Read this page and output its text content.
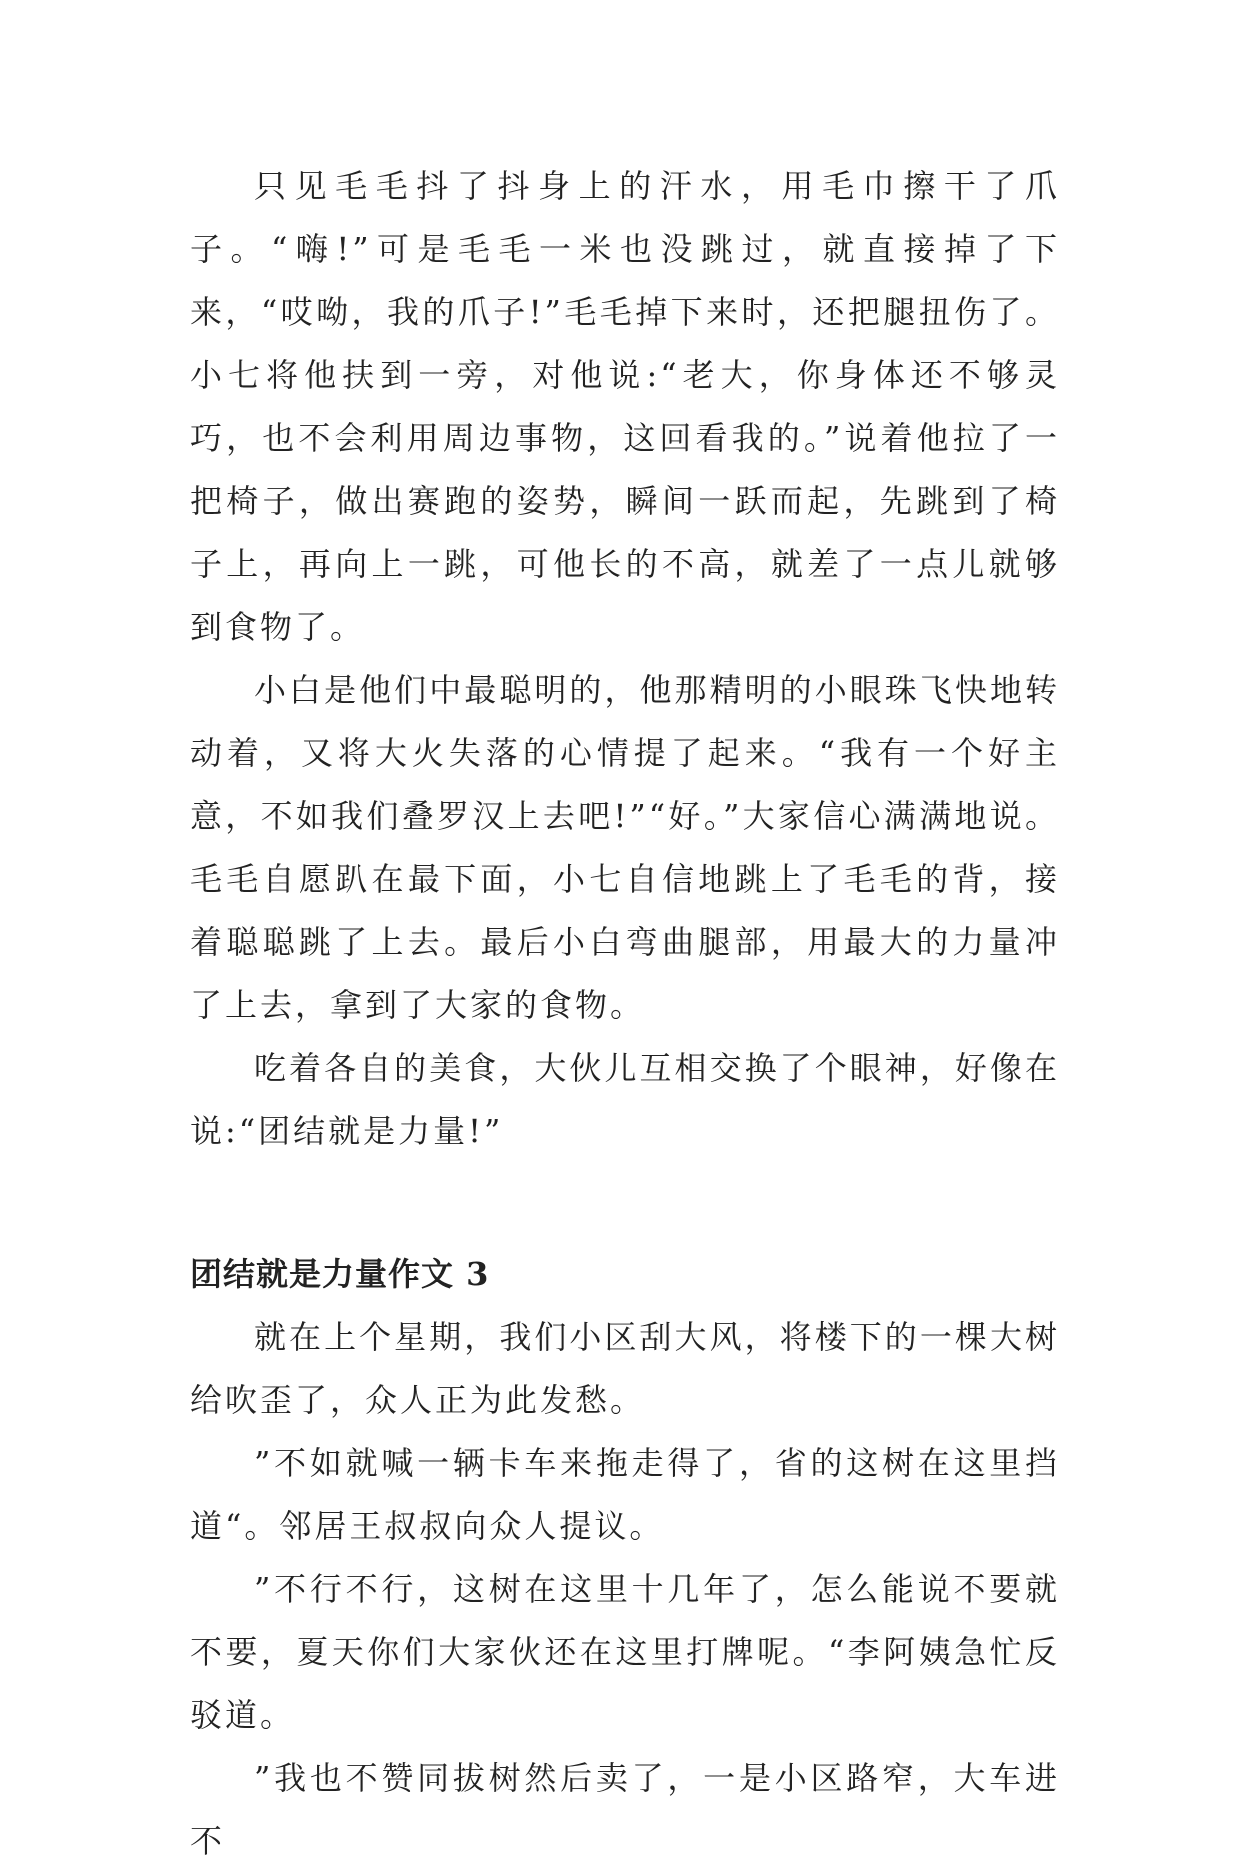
只见毛毛抖了抖身上的汗水，用毛巾擦干了爪子。“嗨!”可是毛毛一米也没跳过，就直接掉了下来，“哎呦，我的爪子!”毛毛掉下来时，还把腿扭伤了。小七将他扶到一旁，对他说:“老大，你身体还不够灵巧，也不会利用周边事物，这回看我的。”说着他拉了一把椅子，做出赛跑的姿势，瞬间一跃而起，先跳到了椅子上，再向上一跳，可他长的不高，就差了一点儿就够到食物了。

小白是他们中最聪明的，他那精明的小眼珠飞快地转动着，又将大火失落的心情提了起来。“我有一个好主意，不如我们叠罗汉上去吧!”“好。”大家信心满满地说。毛毛自愿趴在最下面，小七自信地跳上了毛毛的背，接着聪聪跳了上去。最后小白弯曲腿部，用最大的力量冲了上去，拿到了大家的食物。

吃着各自的美食，大伙儿互相交换了个眼神，好像在说:“团结就是力量!”

团结就是力量作文 3

就在上个星期，我们小区刮大风，将楼下的一棵大树给吹歪了，众人正为此发愁。

”不如就喊一辆卡车来拖走得了，省的这树在这里挡道“。邻居王叔叔向众人提议。

”不行不行，这树在这里十几年了，怎么能说不要就不要，夏天你们大家伙还在这里打牌呢。“李阿姨急忙反驳道。

”我也不赞同拔树然后卖了，一是小区路窄，大车进不
